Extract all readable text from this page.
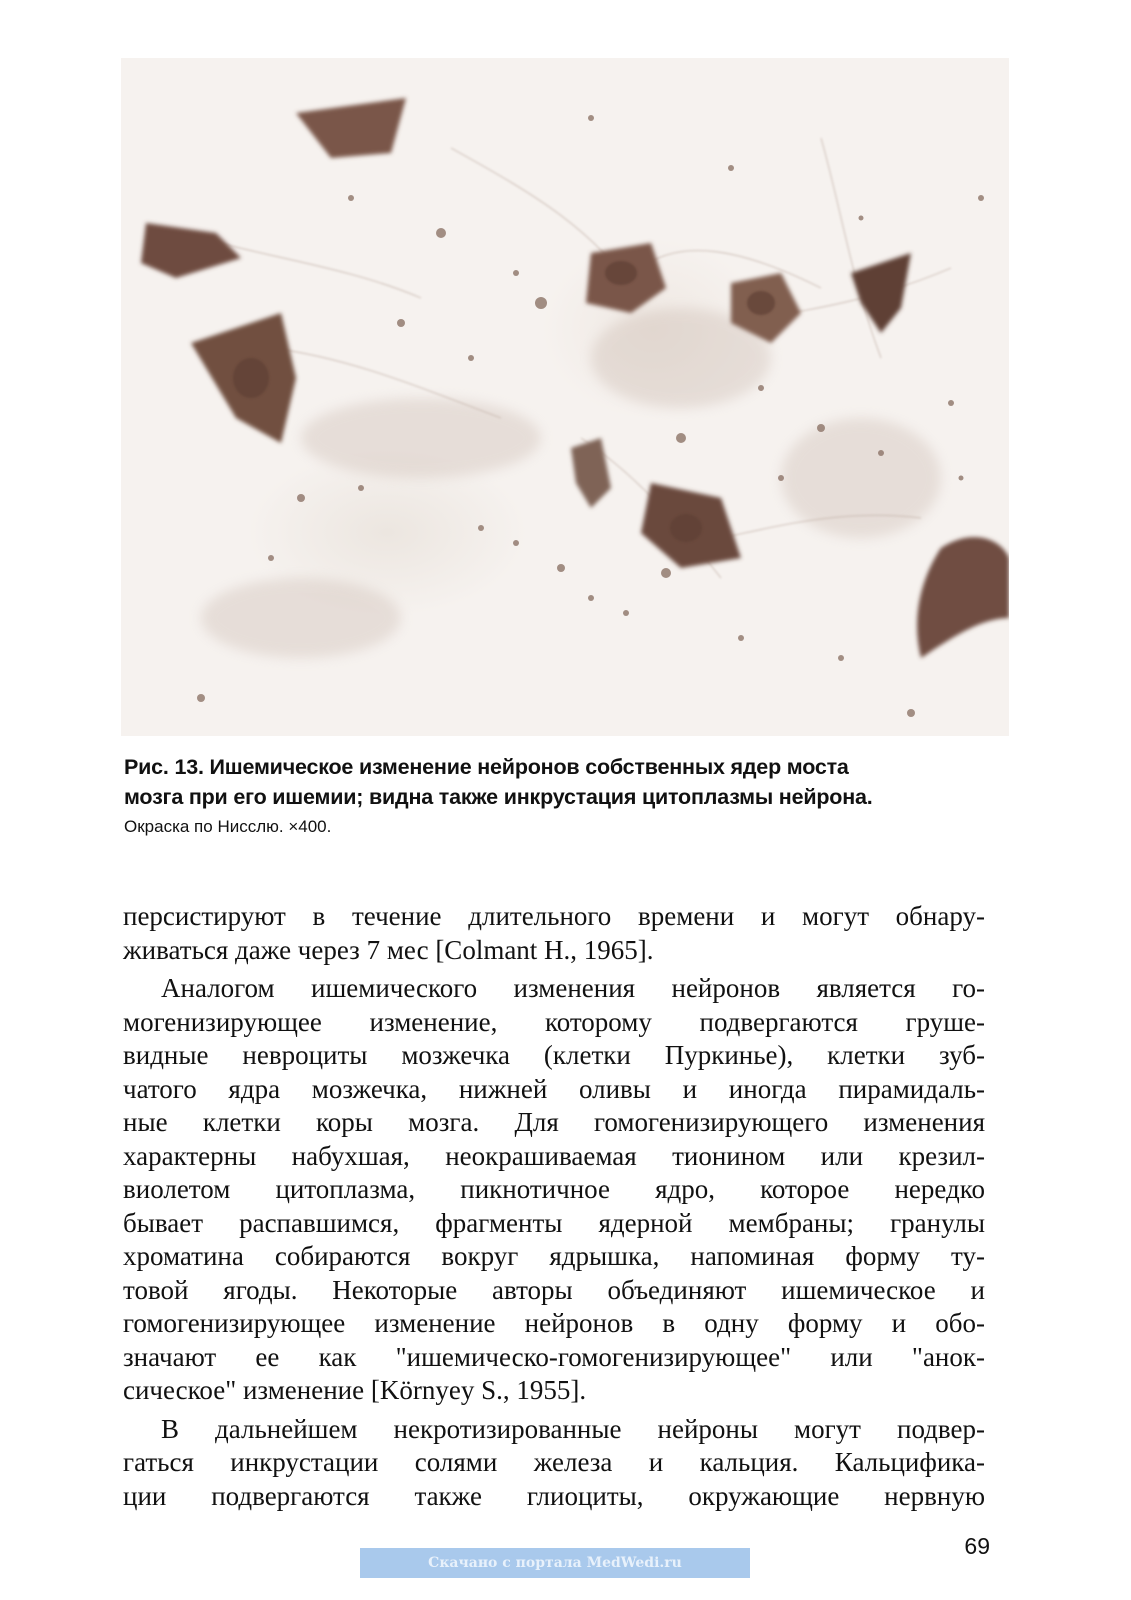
Рис. 13. Ишемическое изменение нейронов собственных ядер моста
мозга при его ишемии; видна также инкрустация цитоплазмы нейрона.
Окраска по Нисслю. ×400.

персистируют в течение длительного времени и могут обнару-
живаться даже через 7 мес [Colmant H., 1965].

Аналогом ишемического изменения нейронов является го-
могенизирующее изменение, которому подвергаются груше-
видные невроциты мозжечка (клетки Пуркинье), клетки зуб-
чатого ядра мозжечка, нижней оливы и иногда пирамидаль-
ные клетки коры мозга. Для гомогенизирующего изменения
характерны набухшая, неокрашиваемая тионином или крезил-
виолетом цитоплазма, пикнотичное ядро, которое нередко
бывает распавшимся, фрагменты ядерной мембраны; гранулы
хроматина собираются вокруг ядрышка, напоминая форму ту-
товой ягоды. Некоторые авторы объединяют ишемическое и
гомогенизирующее изменение нейронов в одну форму и обо-
значают ее как "ишемическо-гомогенизирующее" или "анок-
сическое" изменение [Környey S., 1955].

В дальнейшем некротизированные нейроны могут подвер-
гаться инкрустации солями железа и кальция. Кальцифика-
ции подвергаются также глиоциты, окружающие нервную

69
Скачано с портала MedWedi.ru
